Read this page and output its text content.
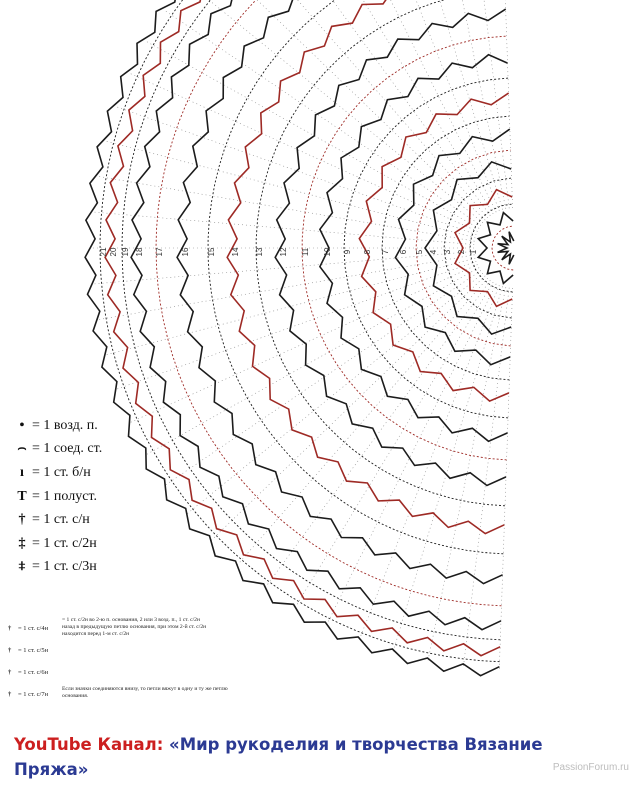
1
2
3
4
5
6
7
8
9
10
11
12
13
14
15
16
17
18
19
20
21
• = 1 возд. п.
⌢ = 1 соед. ст.
ı = 1 ст. б/н
T = 1 полуст.
† = 1 ст. с/н
‡ = 1 ст. с/2н
⧧ = 1 ст. с/3н
†	= 1 ст. с/4н
†	= 1 ст. с/5н
†	= 1 ст. с/6н
†	= 1 ст. с/7н
= 1 ст. с/2н во 2-ю п. основания, 2 или 3 возд. п., 1 ст. с/2н назад в предыдущую петлю основания, при этом 2-й ст. с/2н находится перед 1-м ст. с/2н
Если значки соединяются внизу, то петли вяжут в одну и ту же петлю основания.
YouTube Канал: «Мир рукоделия и творчества Вязание Пряжа»	PassionForum.ru
